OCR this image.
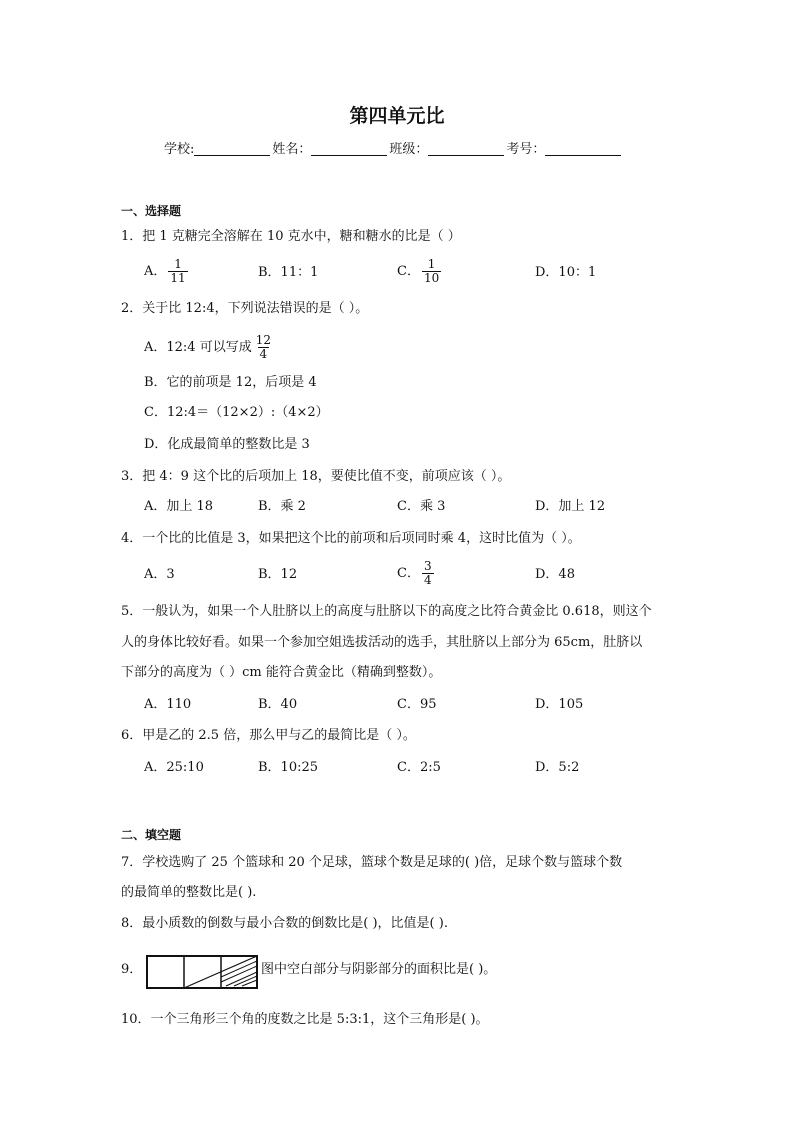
第四单元比
学校:	姓名：	班级：	考号：
一、选择题
1．把 1 克糖完全溶解在 10 克水中，糖和糖水的比是（ ）
A． $\frac{1}{11}$	B．11：1	C． $\frac{1}{10}$	D．10：1
2．关于比 12:4，下列说法错误的是（ ）。
A．12:4 可以写成 $\frac{12}{4}$
B．它的前项是 12，后项是 4
C．12:4＝（12×2）:（4×2）
D．化成最简单的整数比是 3
3．把 4：9 这个比的后项加上 18，要使比值不变，前项应该（ ）。
A．加上 18	B．乘 2	C．乘 3	D．加上 12
4．一个比的比值是 3，如果把这个比的前项和后项同时乘 4，这时比值为（ ）。
A．3	B．12	C． $\frac{3}{4}$	D．48
5．一般认为，如果一个人肚脐以上的高度与肚脐以下的高度之比符合黄金比 0.618，则这个
人的身体比较好看。如果一个参加空姐选拔活动的选手，其肚脐以上部分为 65cm，肚脐以
下部分的高度为（ ）cm 能符合黄金比（精确到整数）。
A．110	B．40	C．95	D．105
6．甲是乙的 2.5 倍，那么甲与乙的最简比是（ ）。
A．25:10	B．10:25	C．2:5	D．5:2
二、填空题
7．学校选购了 25 个篮球和 20 个足球，篮球个数是足球的( )倍，足球个数与篮球个数
的最简单的整数比是( ).
8．最小质数的倒数与最小合数的倒数比是( )，比值是( ).
9．	图中空白部分与阴影部分的面积比是( )。
10．一个三角形三个角的度数之比是 5:3:1，这个三角形是( )。
